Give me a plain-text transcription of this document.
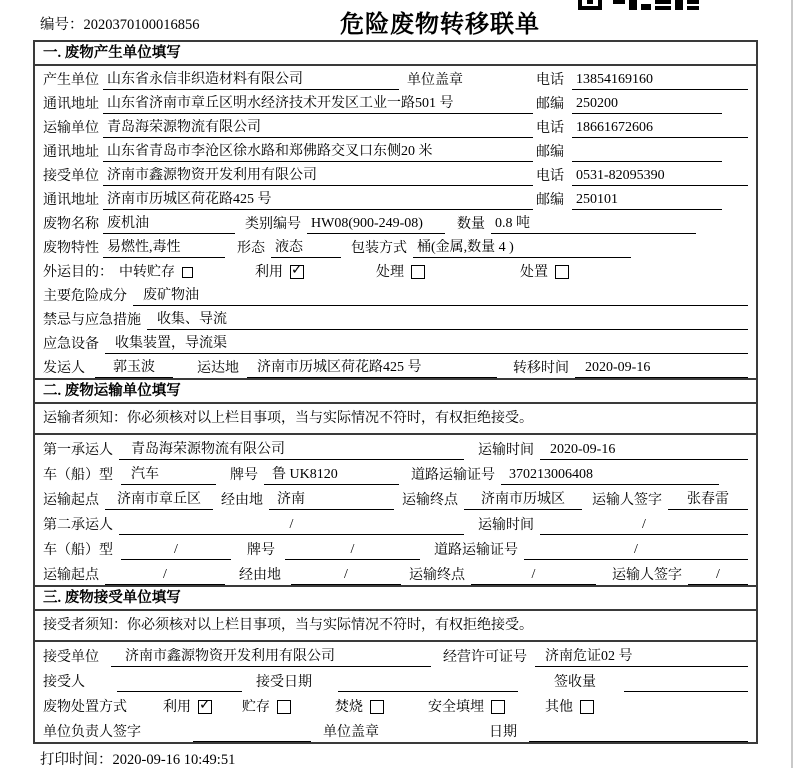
编号：2020370100016856	危险废物转移联单
一. 废物产生单位填写
产生单位 山东省永信非织造材料有限公司	单位盖章	电话 13854169160
通讯地址 山东省济南市章丘区明水经济技术开发区工业一路501 号	邮编 250200
运输单位 青岛海荣源物流有限公司	电话 18661672606
通讯地址 山东省青岛市李沧区徐水路和郑佛路交叉口东侧20 米	邮编
接受单位 济南市鑫源物资开发利用有限公司	电话 0531-82095390
通讯地址 济南市历城区荷花路425 号	邮编 250101
废物名称 废机油	类别编号 HW08(900-249-08)	数量 0.8 吨
废物特性 易燃性,毒性	形态 液态	包装方式 桶(金属,数量 4 )
外运目的： 中转贮存	利用 ✓	处理	处置
主要危险成分	废矿物油
禁忌与应急措施	收集、导流
应急设备	收集装置，导流渠
发运人	郭玉波	运达地	济南市历城区荷花路425 号	转移时间	2020-09-16
二. 废物运输单位填写
运输者须知：你必须核对以上栏目事项，当与实际情况不符时，有权拒绝接受。
第一承运人	青岛海荣源物流有限公司	运输时间	2020-09-16
车（船）型	汽车	牌号	鲁 UK8120	道路运输证号	370213006408
运输起点	济南市章丘区	经由地	济南	运输终点	济南市历城区	运输人签字	张春雷
第二承运人	/	运输时间	/
车（船）型	/	牌号	/	道路运输证号	/
运输起点	/	经由地	/	运输终点	/	运输人签字	/
三. 废物接受单位填写
接受者须知：你必须核对以上栏目事项，当与实际情况不符时，有权拒绝接受。
接受单位	济南市鑫源物资开发利用有限公司	经营许可证号	济南危证02 号
接受人	接受日期	签收量
废物处置方式	利用 ✓	贮存	焚烧	安全填埋	其他
单位负责人签字	单位盖章	日期
打印时间：2020-09-16 10:49:51
